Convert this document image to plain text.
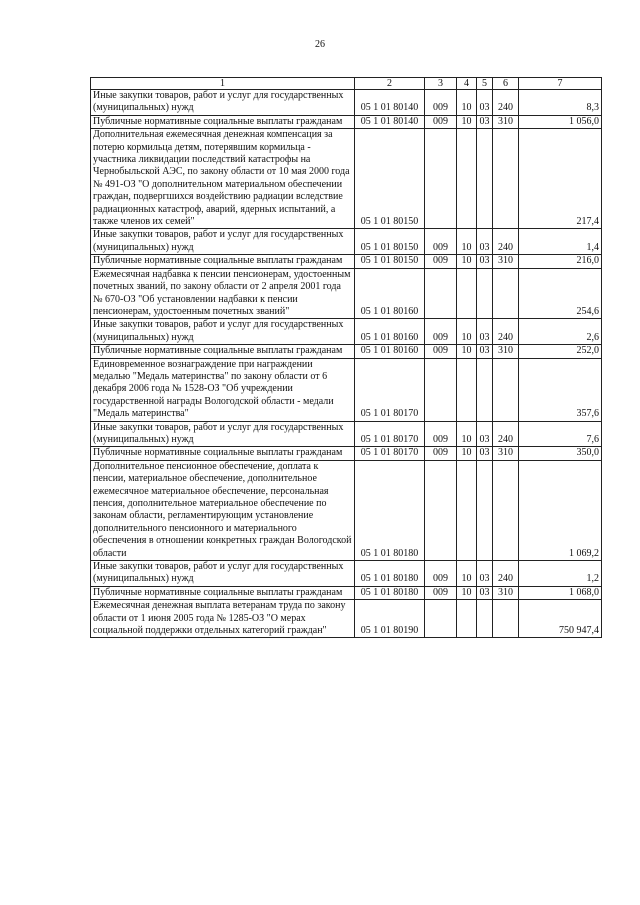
26
1	2	3	4	5	6	7
Иные закупки товаров, работ и услуг для государственных (муниципальных) нужд	05 1 01 80140	009	10	03	240	8,3
Публичные нормативные социальные выплаты гражданам	05 1 01 80140	009	10	03	310	1 056,0
Дополнительная ежемесячная денежная компенсация за потерю кормильца детям, потерявшим кормильца - участника ликвидации последствий катастрофы на Чернобыльской АЭС, по закону области от 10 мая 2000 года № 491-ОЗ "О дополнительном материальном обеспечении граждан, подвергшихся воздействию радиации вследствие радиационных катастроф, аварий, ядерных испытаний, а также членов их семей"	05 1 01 80150					217,4
Иные закупки товаров, работ и услуг для государственных (муниципальных) нужд	05 1 01 80150	009	10	03	240	1,4
Публичные нормативные социальные выплаты гражданам	05 1 01 80150	009	10	03	310	216,0
Ежемесячная надбавка к пенсии пенсионерам, удостоенным почетных званий, по закону области от 2 апреля 2001 года № 670-ОЗ "Об установлении надбавки к пенсии пенсионерам, удостоенным почетных званий"	05 1 01 80160					254,6
Иные закупки товаров, работ и услуг для государственных (муниципальных) нужд	05 1 01 80160	009	10	03	240	2,6
Публичные нормативные социальные выплаты гражданам	05 1 01 80160	009	10	03	310	252,0
Единовременное вознаграждение при награждении медалью "Медаль материнства" по закону области от 6 декабря 2006 года № 1528-ОЗ "Об учреждении государственной награды Вологодской области - медали "Медаль материнства"	05 1 01 80170					357,6
Иные закупки товаров, работ и услуг для государственных (муниципальных) нужд	05 1 01 80170	009	10	03	240	7,6
Публичные нормативные социальные выплаты гражданам	05 1 01 80170	009	10	03	310	350,0
Дополнительное пенсионное обеспечение, доплата к пенсии, материальное обеспечение, дополнительное ежемесячное материальное обеспечение, персональная пенсия, дополнительное материальное обеспечение по законам области, регламентирующим установление дополнительного пенсионного и материального обеспечения в отношении конкретных граждан Вологодской области	05 1 01 80180					1 069,2
Иные закупки товаров, работ и услуг для государственных (муниципальных) нужд	05 1 01 80180	009	10	03	240	1,2
Публичные нормативные социальные выплаты гражданам	05 1 01 80180	009	10	03	310	1 068,0
Ежемесячная денежная выплата ветеранам труда по закону области от 1 июня 2005 года № 1285-ОЗ "О мерах социальной поддержки отдельных категорий граждан"	05 1 01 80190					750 947,4
